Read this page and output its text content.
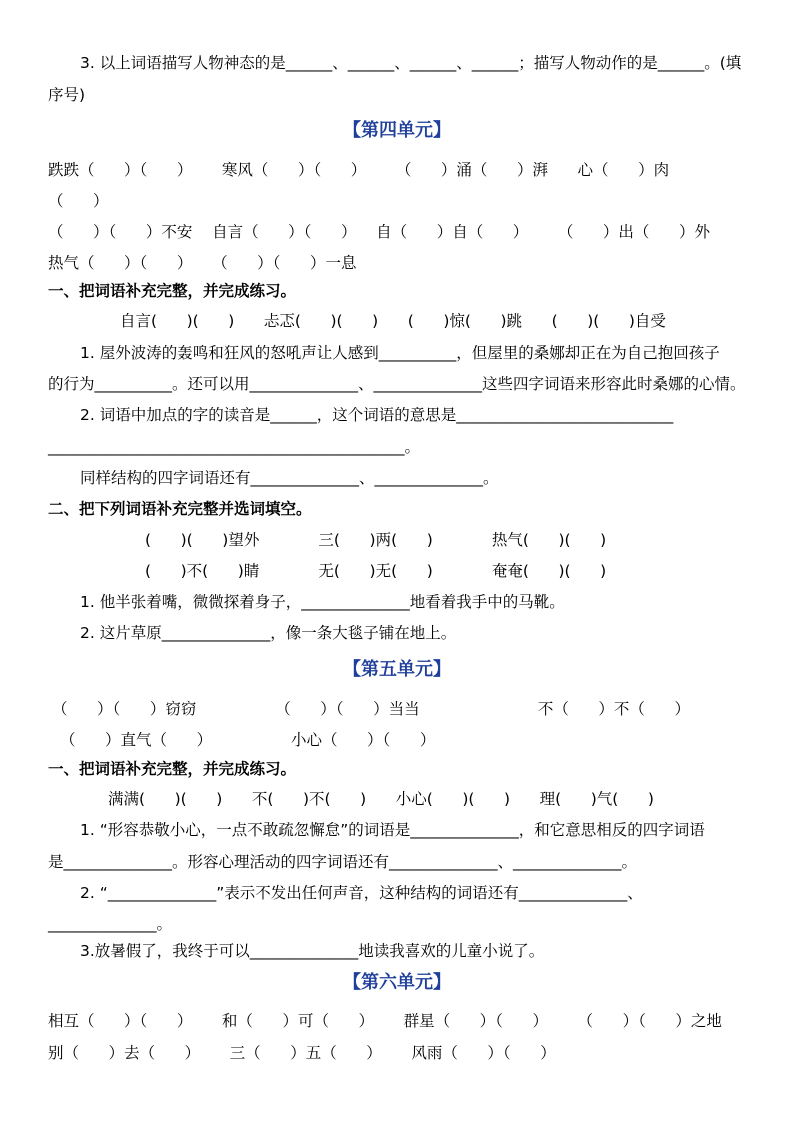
3. 以上词语描写人物神态的是______、______、______、______；描写人物动作的是______。(填
序号)
【第四单元】
跌跌（      ）（      ）      寒风（      ）（      ）      （      ）涌（      ）湃      心（      ）肉
（      ）
（      ）（      ）不安    自言（      ）（      ）    自（      ）自（      ）      （      ）出（      ）外
热气（      ）（      ）    （      ）（      ）一息
一、把词语补充完整，并完成练习。
自言(      )(      )      忐忑(      )(      )      (      )惊(      )跳      (      )(      )自受
1. 屋外波涛的轰鸣和狂风的怒吼声让人感到__________，但屋里的桑娜却正在为自己抱回孩子
的行为__________。还可以用______________、______________这些四字词语来形容此时桑娜的心情。
2. 词语中加点的字的读音是______，这个词语的意思是____________________________
______________________________________________。
同样结构的四字词语还有______________、______________。
二、把下列词语补充完整并选词填空。
(      )(      )望外            三(      )两(      )            热气(      )(      )
(      )不(      )睛            无(      )无(      )            奄奄(      )(      )
1. 他半张着嘴，微微探着身子，______________地看着我手中的马靴。
2. 这片草原______________，像一条大毯子铺在地上。
【第五单元】
（      ）（      ）窃窃                （      ）（      ）当当                        不（      ）不（      ）
（      ）直气（      ）                小心（      ）（      ）
一、把词语补充完整，并完成练习。
满满(      )(      )      不(      )不(      )      小心(      )(      )      理(      )气(      )
1. “形容恭敬小心，一点不敢疏忽懈怠”的词语是______________，和它意思相反的四字词语
是______________。形容心理活动的四字词语还有______________、______________。
2. “______________”表示不发出任何声音，这种结构的词语还有______________、
______________。
3.放暑假了，我终于可以______________地读我喜欢的儿童小说了。
【第六单元】
相互（      ）（      ）      和（      ）可（      ）      群星（      ）（      ）      （      ）（      ）之地
别（      ）去（      ）      三（      ）五（      ）      风雨（      ）（      ）
